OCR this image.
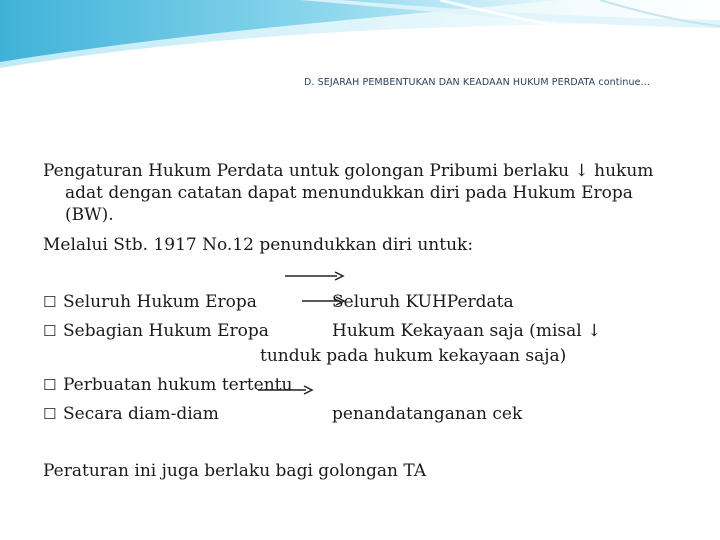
D. SEJARAH PEMBENTUKAN DAN KEADAAN HUKUM PERDATA continue…
Pengaturan Hukum Perdata untuk golongan Pribumi berlaku ↓ hukum
adat dengan catatan dapat menundukkan diri pada Hukum Eropa
(BW).
Melalui Stb. 1917 No.12 penundukkan diri untuk:
☐ Seluruh Hukum Eropa	Seluruh KUHPerdata
☐ Sebagian Hukum Eropa	Hukum Kekayaan saja (misal ↓
tunduk pada hukum kekayaan saja)
☐ Perbuatan hukum tertentu
☐ Secara diam-diam	penandatanganan cek
Peraturan ini juga berlaku bagi golongan TA
